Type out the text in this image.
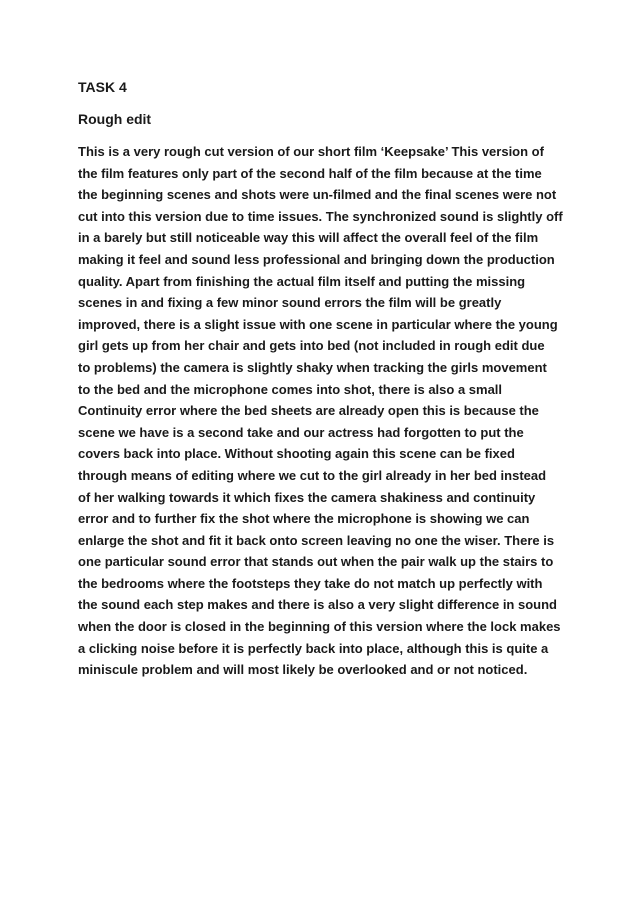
TASK 4
Rough edit

This is a very rough cut version of our short film ‘Keepsake’ This version of
the film features only part of the second half of the film because at the time
the beginning scenes and shots were un-filmed and the final scenes were not
cut into this version due to time issues. The synchronized sound is slightly off
in a barely but still noticeable way this will affect the overall feel of the film
making it feel and sound less professional and bringing down the production
quality. Apart from finishing the actual film itself and putting the missing
scenes in and fixing a few minor sound errors the film will be greatly
improved, there is a slight issue with one scene in particular where the young
girl gets up from her chair and gets into bed (not included in rough edit due
to problems) the camera is slightly shaky when tracking the girls movement
to the bed and the microphone comes into shot, there is also a small
Continuity error where the bed sheets are already open this is because the
scene we have is a second take and our actress had forgotten to put the
covers back into place. Without shooting again this scene can be fixed
through means of editing where we cut to the girl already in her bed instead
of her walking towards it which fixes the camera shakiness and continuity
error and to further fix the shot where the microphone is showing we can
enlarge the shot and fit it back onto screen leaving no one the wiser. There is
one particular sound error that stands out when the pair walk up the stairs to
the bedrooms where the footsteps they take do not match up perfectly with
the sound each step makes and there is also a very slight difference in sound
when the door is closed in the beginning of this version where the lock makes
a clicking noise before it is perfectly back into place, although this is quite a
miniscule problem and will most likely be overlooked and or not noticed.
